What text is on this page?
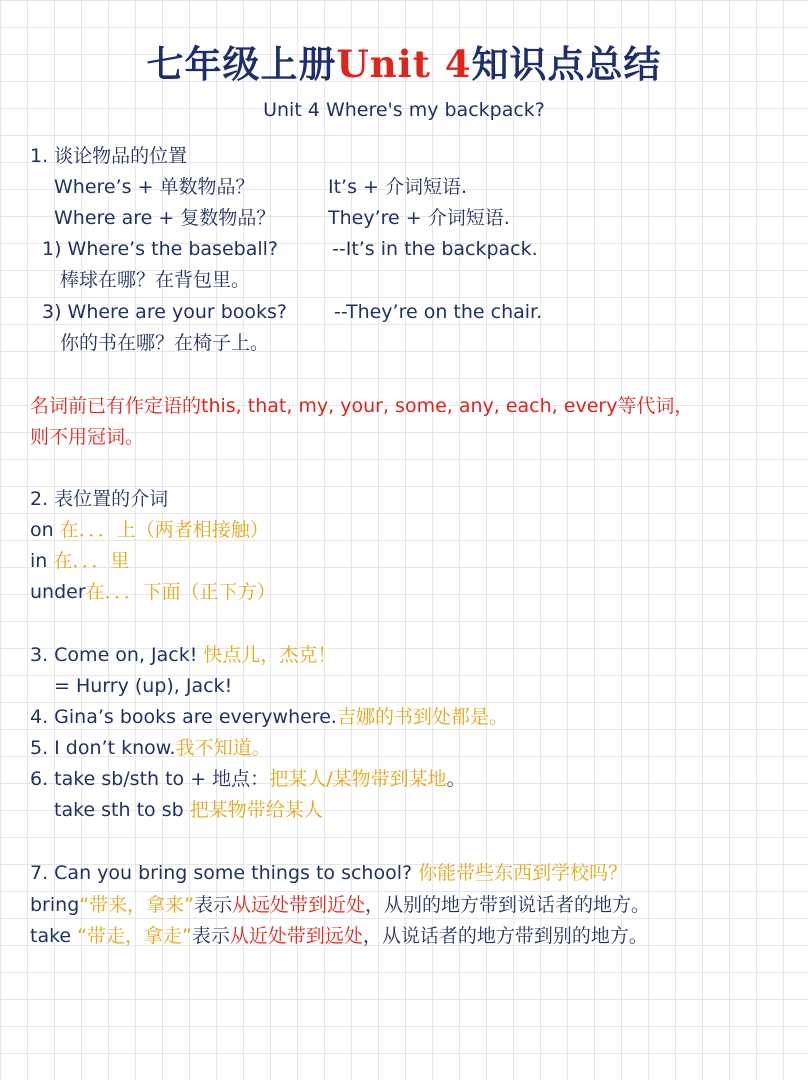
七年级上册Unit 4知识点总结
Unit 4 Where's my backpack?
1. 谈论物品的位置
Where’s + 单数物品？	It’s + 介词短语.
Where are + 复数物品？	They’re + 介词短语.
1) Where’s the baseball?	--It’s in the backpack.
棒球在哪？在背包里。
3) Where are your books? --They’re on the chair.
你的书在哪？在椅子上。
名词前已有作定语的this, that, my, your, some, any, each, every等代词，
则不用冠词。
2. 表位置的介词
on 在．．．上（两者相接触）
in 在．．．里
under在．．．下面（正下方）
3. Come on, Jack! 快点儿，杰克！
= Hurry (up), Jack!
4. Gina’s books are everywhere.吉娜的书到处都是。
5. I don’t know.我不知道。
6. take sb/sth to + 地点：把某人/某物带到某地。
take sth to sb 把某物带给某人
7. Can you bring some things to school? 你能带些东西到学校吗？
bring“带来，拿来”表示从远处带到近处，从别的地方带到说话者的地方。
take “带走，拿走”表示从近处带到远处，从说话者的地方带到别的地方。
